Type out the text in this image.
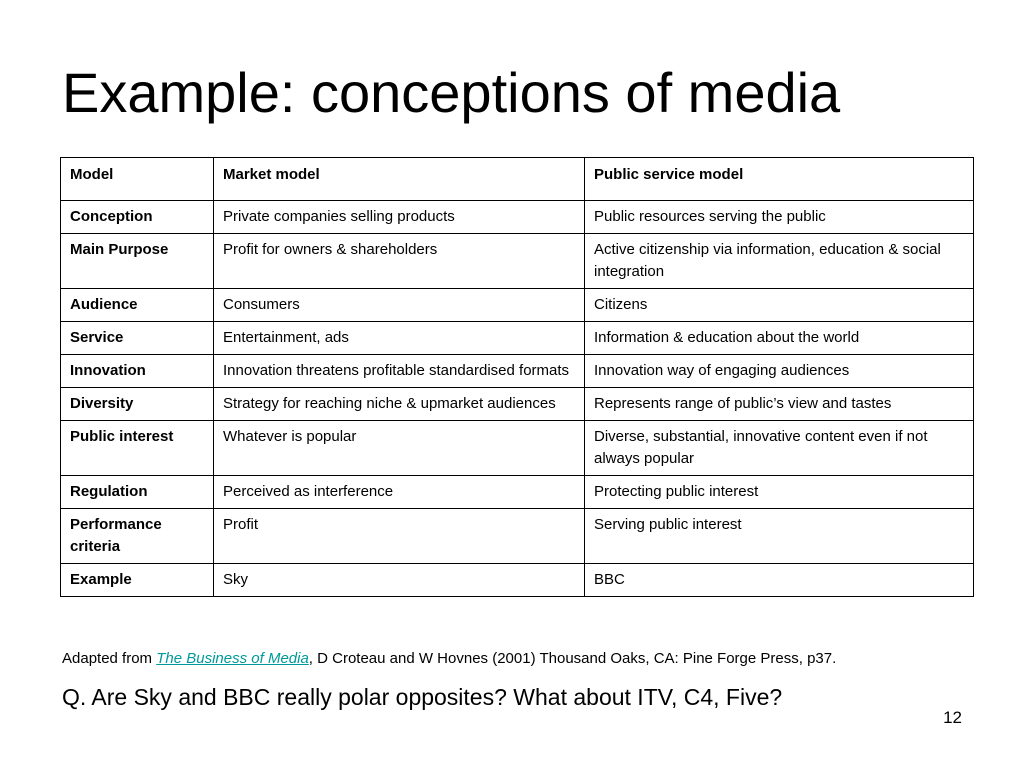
Example: conceptions of media
Model	Market model	Public service model
Conception	Private companies selling products	Public resources serving the public
Main Purpose	Profit for owners & shareholders	Active citizenship via information, education & social integration
Audience	Consumers	Citizens
Service	Entertainment, ads	Information & education about the world
Innovation	Innovation threatens profitable standardised formats	Innovation way of engaging audiences
Diversity	Strategy for reaching niche & upmarket audiences	Represents range of public’s view and tastes
Public interest	Whatever is popular	Diverse, substantial, innovative content even if not always popular
Regulation	Perceived as interference	Protecting public interest
Performance criteria	Profit	Serving public interest
Example	Sky	BBC
Adapted from The Business of Media, D Croteau and W Hovnes (2001) Thousand Oaks, CA: Pine Forge Press, p37.
Q. Are Sky and BBC really polar opposites? What about ITV, C4, Five?
12
